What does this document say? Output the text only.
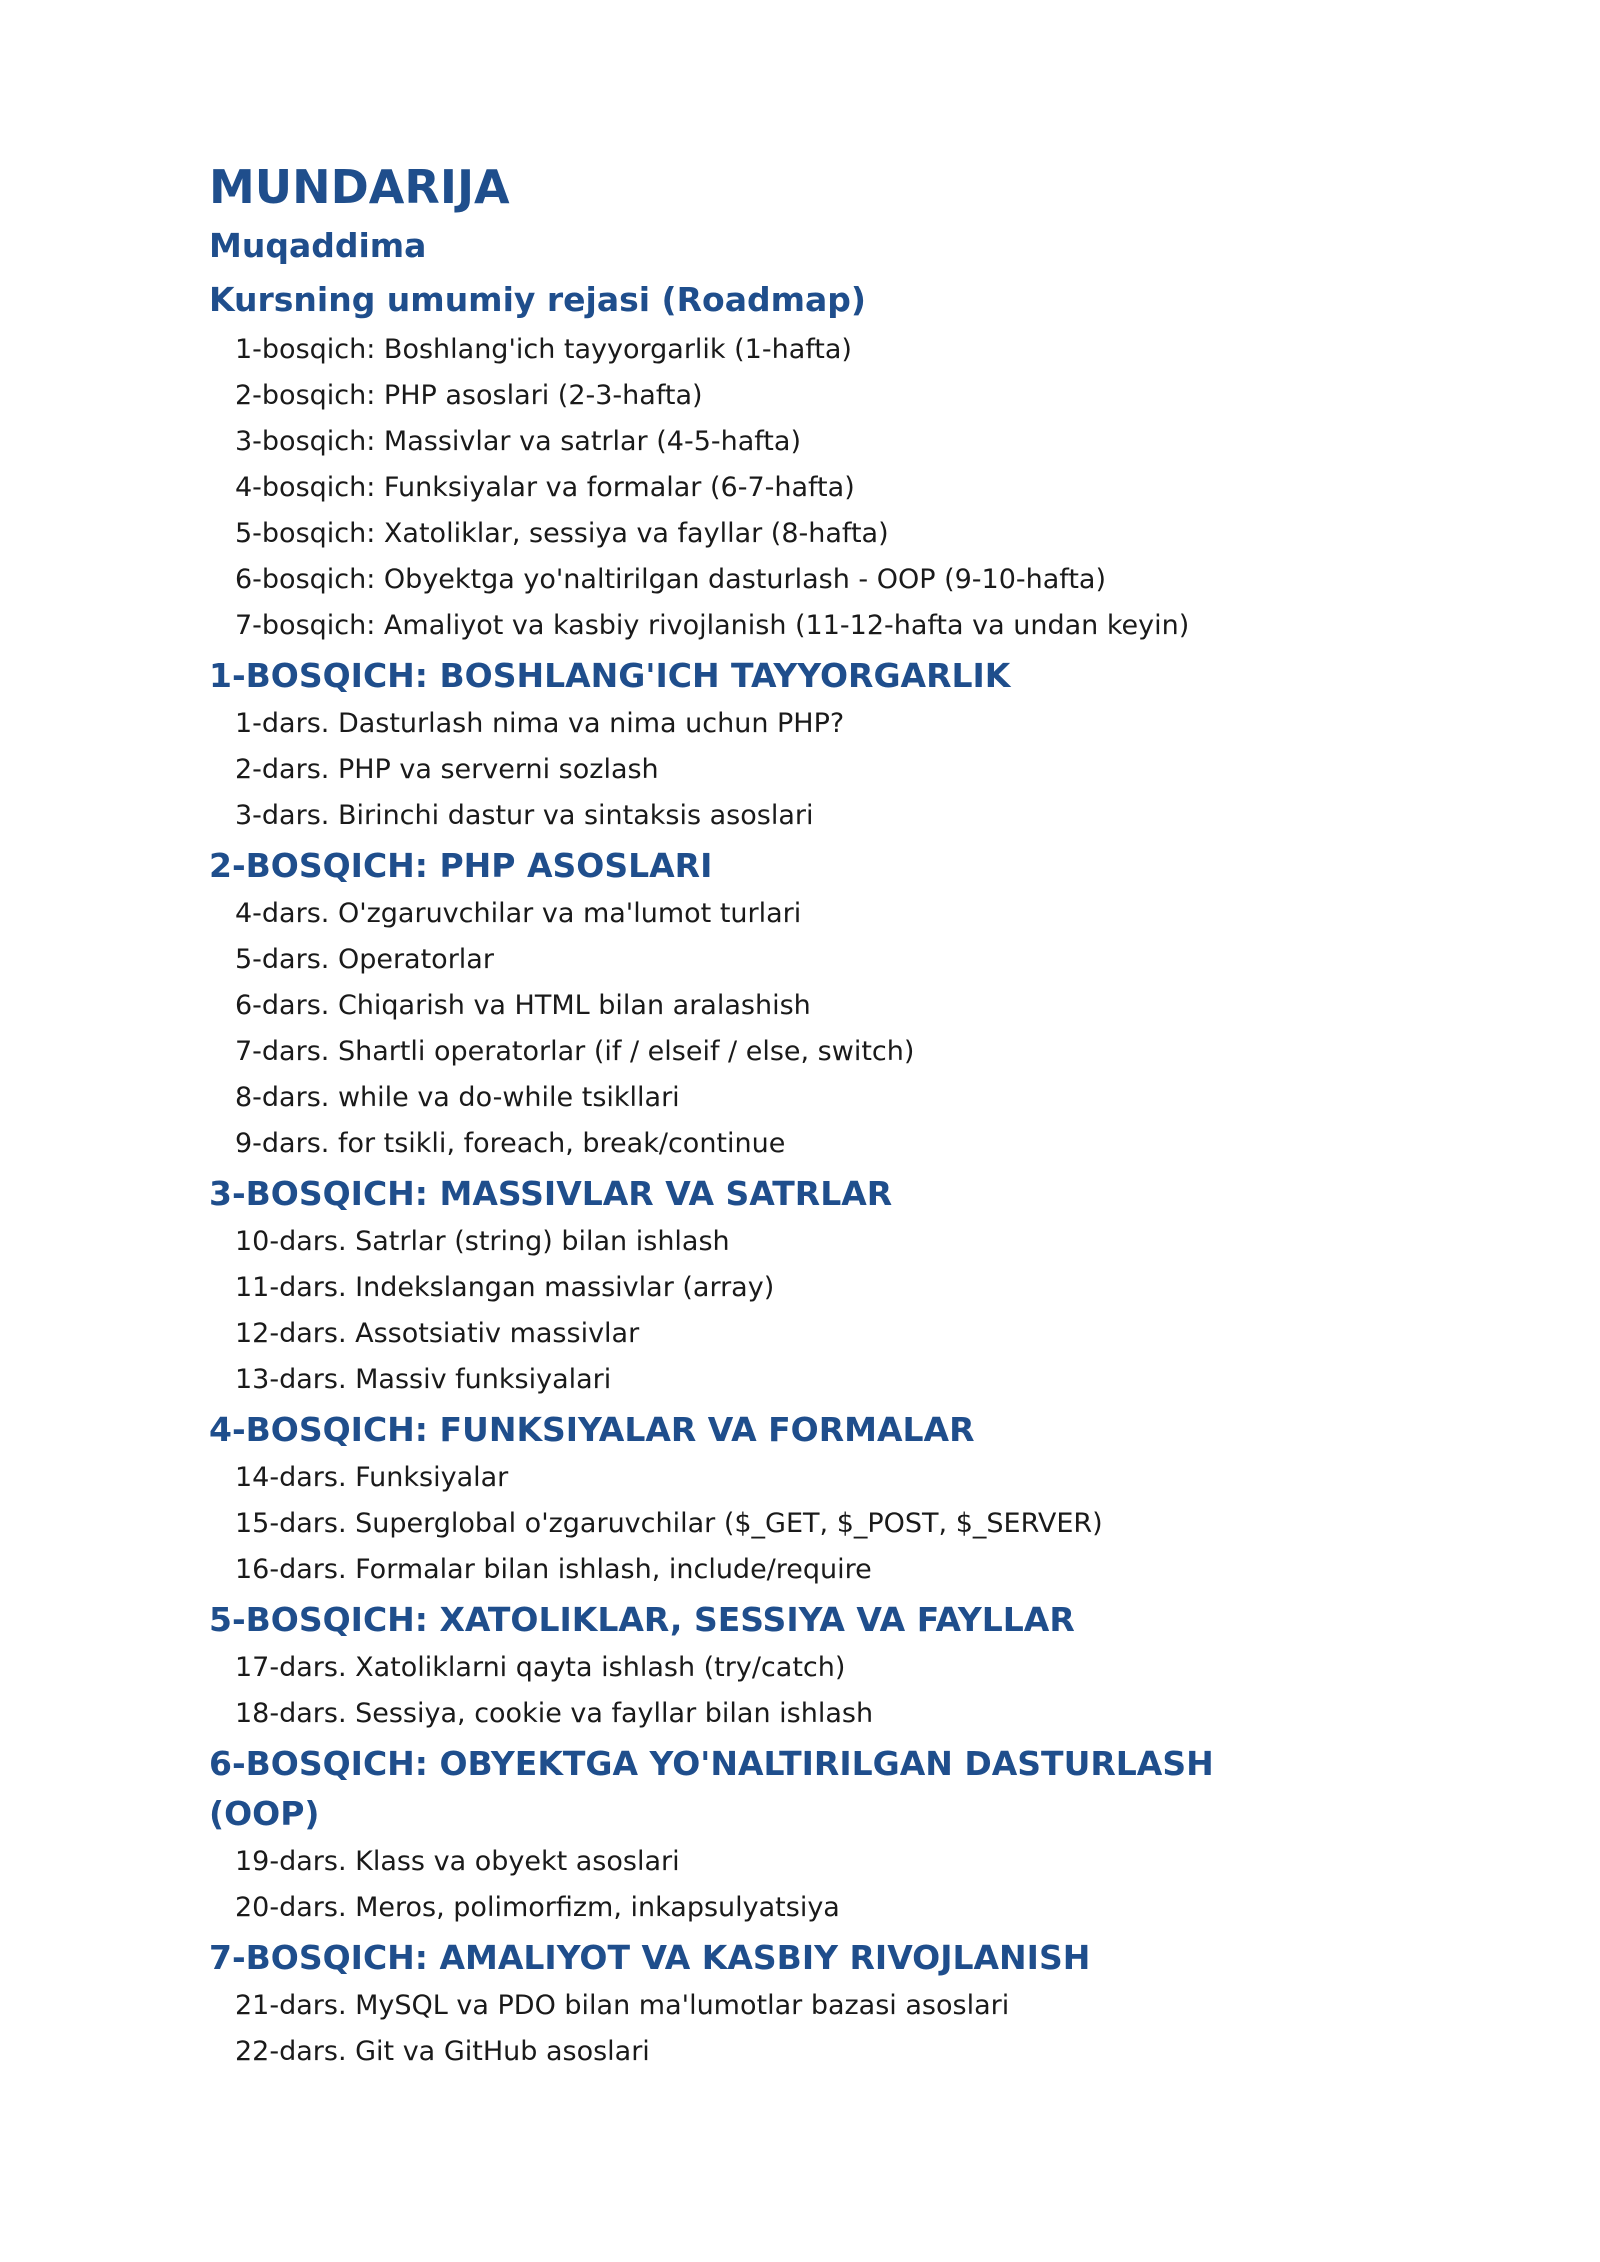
MUNDARIJA
Muqaddima
Kursning umumiy rejasi (Roadmap)
1-bosqich: Boshlang'ich tayyorgarlik (1-hafta)
2-bosqich: PHP asoslari (2-3-hafta)
3-bosqich: Massivlar va satrlar (4-5-hafta)
4-bosqich: Funksiyalar va formalar (6-7-hafta)
5-bosqich: Xatoliklar, sessiya va fayllar (8-hafta)
6-bosqich: Obyektga yo'naltirilgan dasturlash - OOP (9-10-hafta)
7-bosqich: Amaliyot va kasbiy rivojlanish (11-12-hafta va undan keyin)
1-BOSQICH: BOSHLANG'ICH TAYYORGARLIK
1-dars. Dasturlash nima va nima uchun PHP?
2-dars. PHP va serverni sozlash
3-dars. Birinchi dastur va sintaksis asoslari
2-BOSQICH: PHP ASOSLARI
4-dars. O'zgaruvchilar va ma'lumot turlari
5-dars. Operatorlar
6-dars. Chiqarish va HTML bilan aralashish
7-dars. Shartli operatorlar (if / elseif / else, switch)
8-dars. while va do-while tsikllari
9-dars. for tsikli, foreach, break/continue
3-BOSQICH: MASSIVLAR VA SATRLAR
10-dars. Satrlar (string) bilan ishlash
11-dars. Indekslangan massivlar (array)
12-dars. Assotsiativ massivlar
13-dars. Massiv funksiyalari
4-BOSQICH: FUNKSIYALAR VA FORMALAR
14-dars. Funksiyalar
15-dars. Superglobal o'zgaruvchilar ($_GET, $_POST, $_SERVER)
16-dars. Formalar bilan ishlash, include/require
5-BOSQICH: XATOLIKLAR, SESSIYA VA FAYLLAR
17-dars. Xatoliklarni qayta ishlash (try/catch)
18-dars. Sessiya, cookie va fayllar bilan ishlash
6-BOSQICH: OBYEKTGA YO'NALTIRILGAN DASTURLASH
(OOP)
19-dars. Klass va obyekt asoslari
20-dars. Meros, polimorfizm, inkapsulyatsiya
7-BOSQICH: AMALIYOT VA KASBIY RIVOJLANISH
21-dars. MySQL va PDO bilan ma'lumotlar bazasi asoslari
22-dars. Git va GitHub asoslari
